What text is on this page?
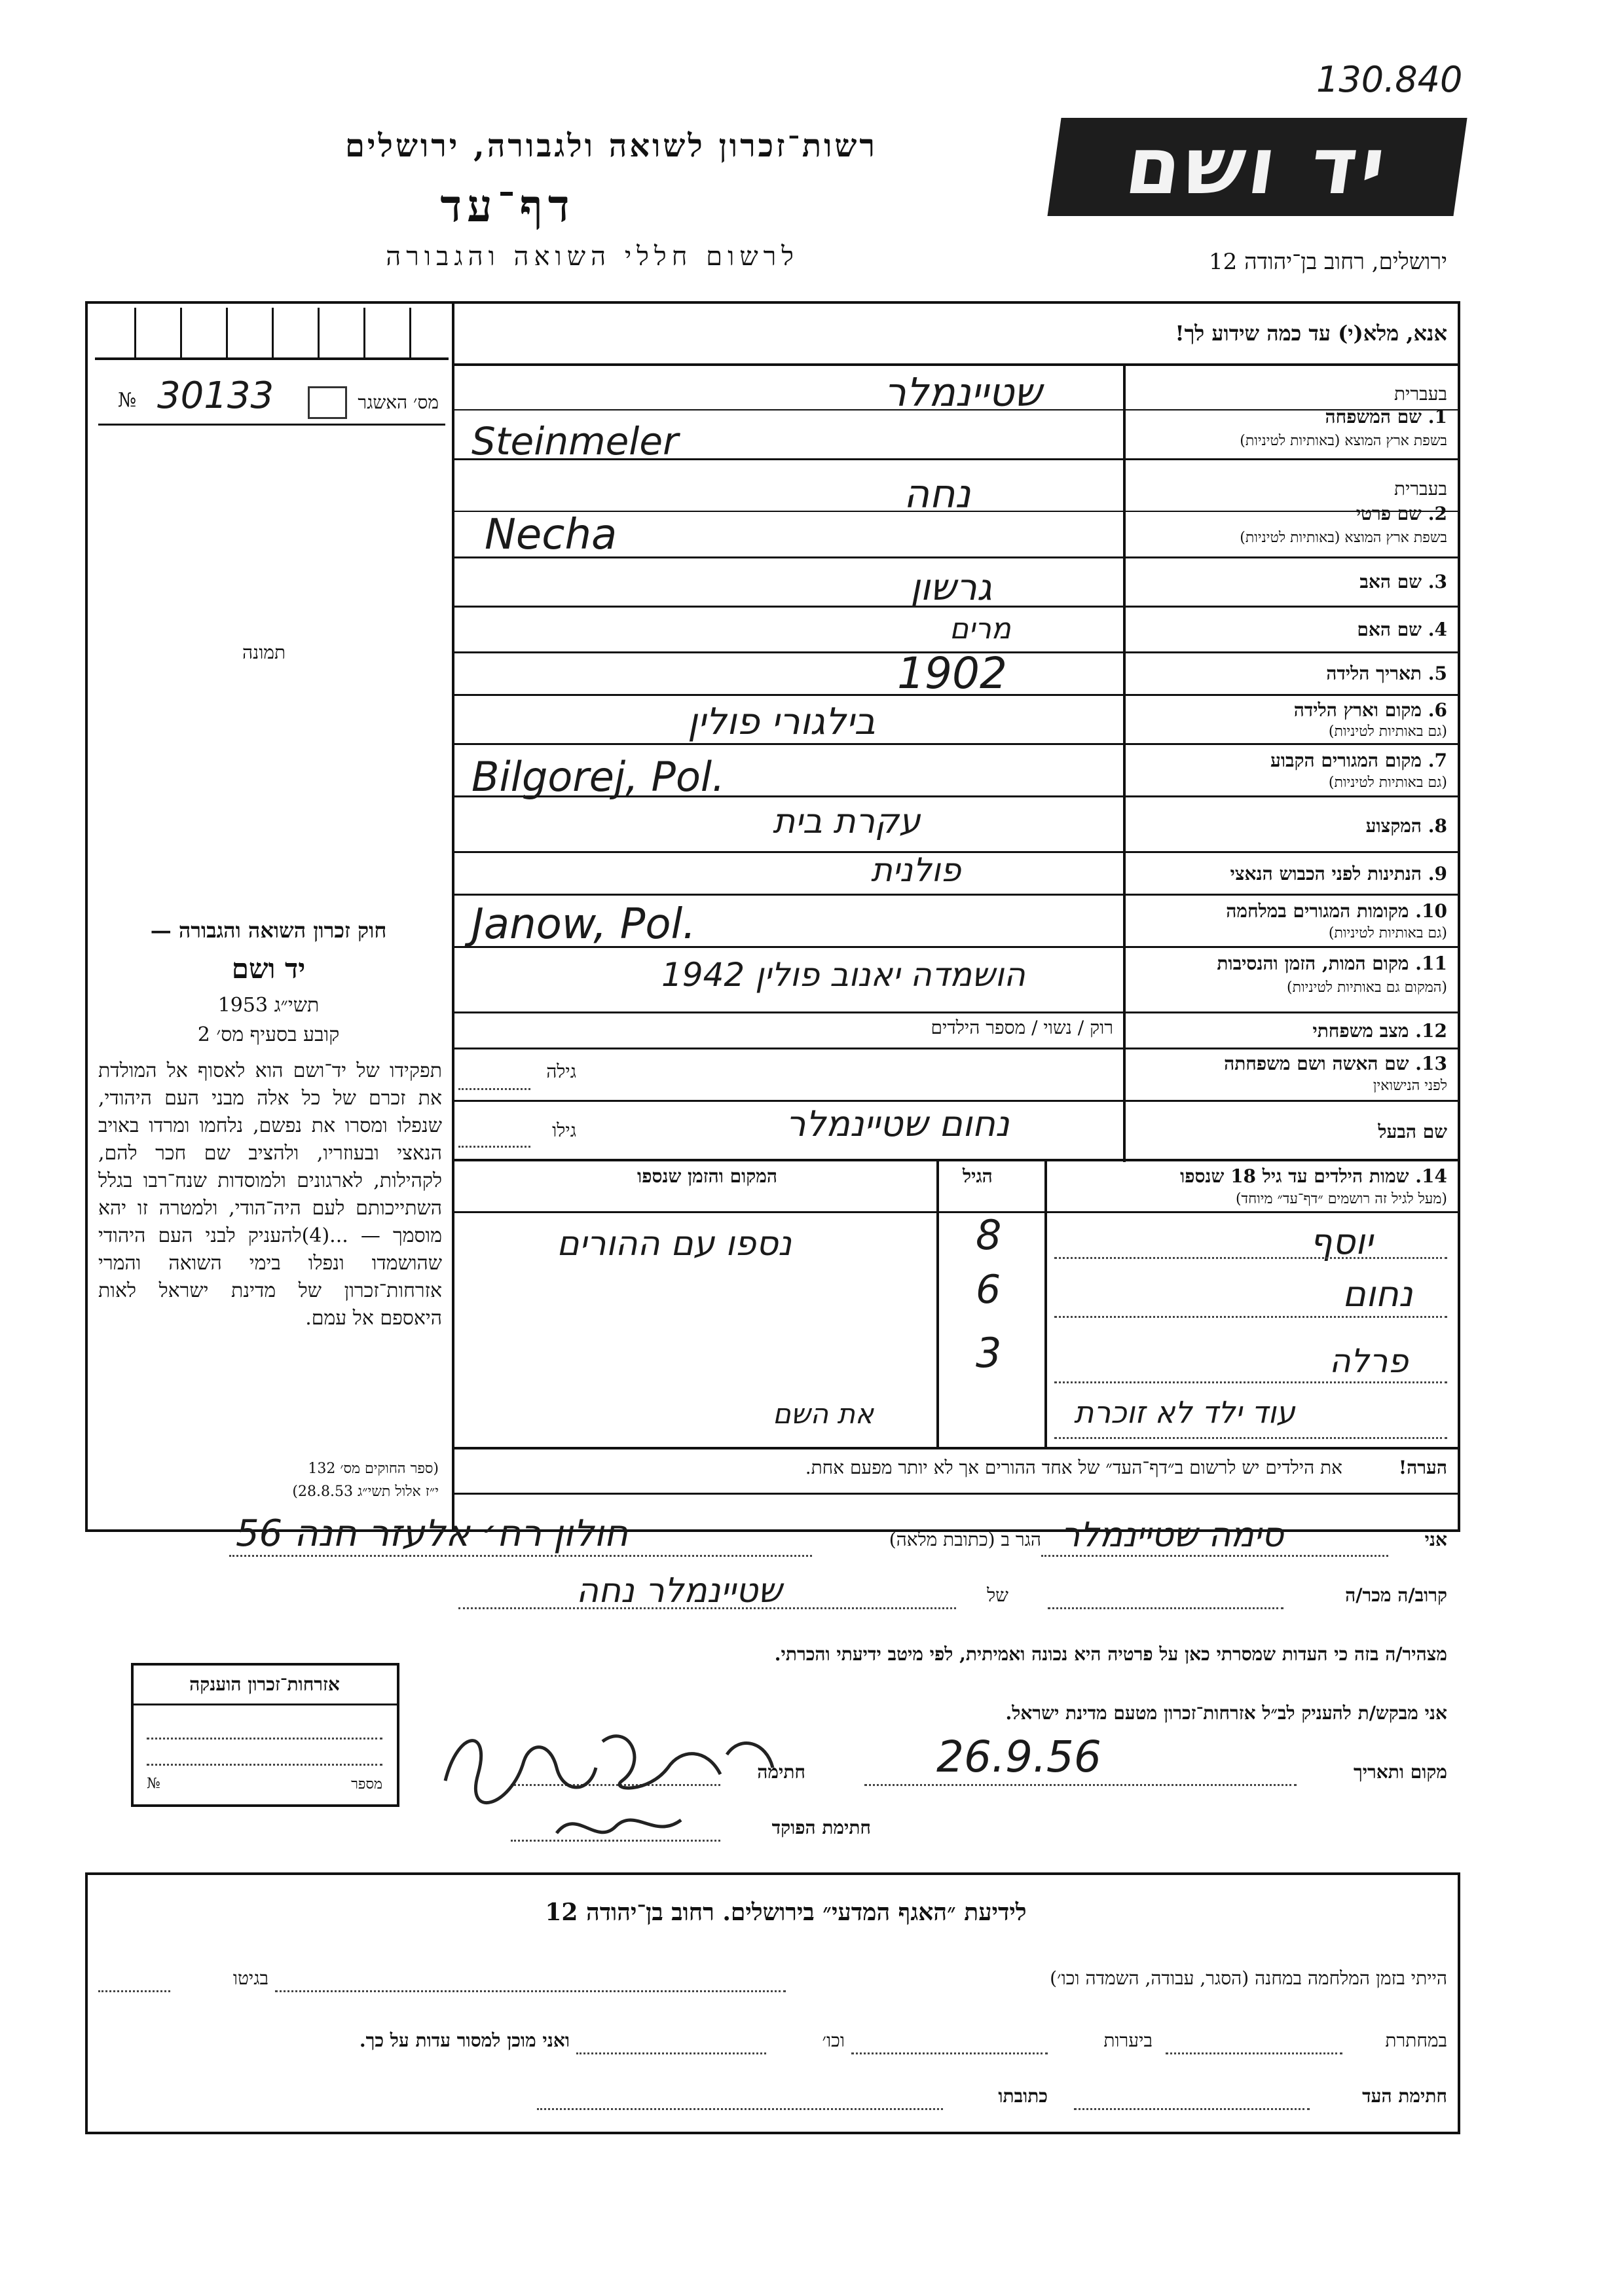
130.840
רשות־זכרון לשואה ולגבורה, ירושלים
דף־עד
לרשום חללי השואה והגבורה
יד ושם
ירושלים, רחוב בן־יהודה 12
אנא, מלא(י) עד כמה שידוע לך!
№ 30133	מס׳ האשגר
תמונה
בעברית
1. שם המשפחה
בשפת ארץ המוצא (באותיות לטיניות)
שטיינמלר
Steinmeler
בעברית
2. שם פרטי
בשפת ארץ המוצא (באותיות לטיניות)
נחה
Necha
3. שם האב
גרשון
4. שם האם
מרים
5. תאריך הלידה
1902
6. מקום וארץ הלידה
(גם באותיות לטיניות)
בילגורי פולין
7. מקום המגורים הקבוע
(גם באותיות לטיניות)
Bilgorej, Pol.
8. המקצוע
עקרת בית
9. הנתינות לפני הכבוש הנאצי
פולנית
10. מקומות המגורים במלחמה
(גם באותיות לטיניות)
Janow, Pol.
11. מקום המות, הזמן והנסיבות
(המקום גם באותיות לטיניות)
הושמדה יאנוב פולין 1942
12. מצב משפחתי
רוק / נשוי / מספר הילדים
13. שם האשה ושם משפחתה
לפני הנישואין
גילה
שם הבעל
נחום שטיינמלר
גילו
14. שמות הילדים עד גיל 18 שנספו
(מעל לגיל זה רושמים ״דף־עד״ מיוחד)
הגיל
המקום והזמן שנספו
יוסף
8
נספו עם ההורים
נחום
6
פרלה
3
עוד ילד לא זוכרת
את השם
הערה!
את הילדים יש לרשום ב״דף־העד״ של אחד ההורים אך לא יותר מפעם אחת.
חוק זכרון השואה והגבורה —
יד ושם
תשי״ג 1953
קובע בסעיף מס׳ 2
תפקידו של יד־ושם הוא לאסוף אל המולדת את זכרם של כל אלה מבני העם היהודי, שנפלו ומסרו את נפשם, נלחמו ומרדו באויב הנאצי ובעוזריו, ולהציב שם חכר להם, לקהילות, לארגונים ולמוסדות שנח־רבו בגלל השתייכותם לעם היה־הודי, ולמטרה זו יהא מוסמך — ...(4)להעניק לבני העם היהודי שהושמדו ונפלו בימי השואה והמרי אזרחות־זכרון של מדינת ישראל לאות היאספם אל עמם.
(ספר החוקים מס׳ 132
י״ז אלול תשי״ג 28.8.53)
אני
סימה שטיינמלר
הגר ב (כתובת מלאה)
חולון רח׳ אלעזר חנה 56
קרוב/ה מכר/ה
של
שטיינמלר נחה
מצהיר/ה בזה כי העדות שמסרתי כאן על פרטיה היא נכונה ואמיתית, לפי מיטב ידיעתי והכרתי.
אני מבקש/ת להעניק לב״ל אזרחות־זכרון מטעם מדינת ישראל.
מקום ותאריך
26.9.56
חתימה
חתימת הפוקד
אזרחות־זכרון הוענקה
№	מספר
לידיעת ״האגף המדעי״ בירושלים. רחוב בן־יהודה 12
הייתי בזמן המלחמה במחנה (הסגר, עבודה, השמדה וכו׳)
בגיטו
במחתרת
ביערות
וכו׳
ואני מוכן למסור עדות על כך.
חתימת העד
כתובתו
